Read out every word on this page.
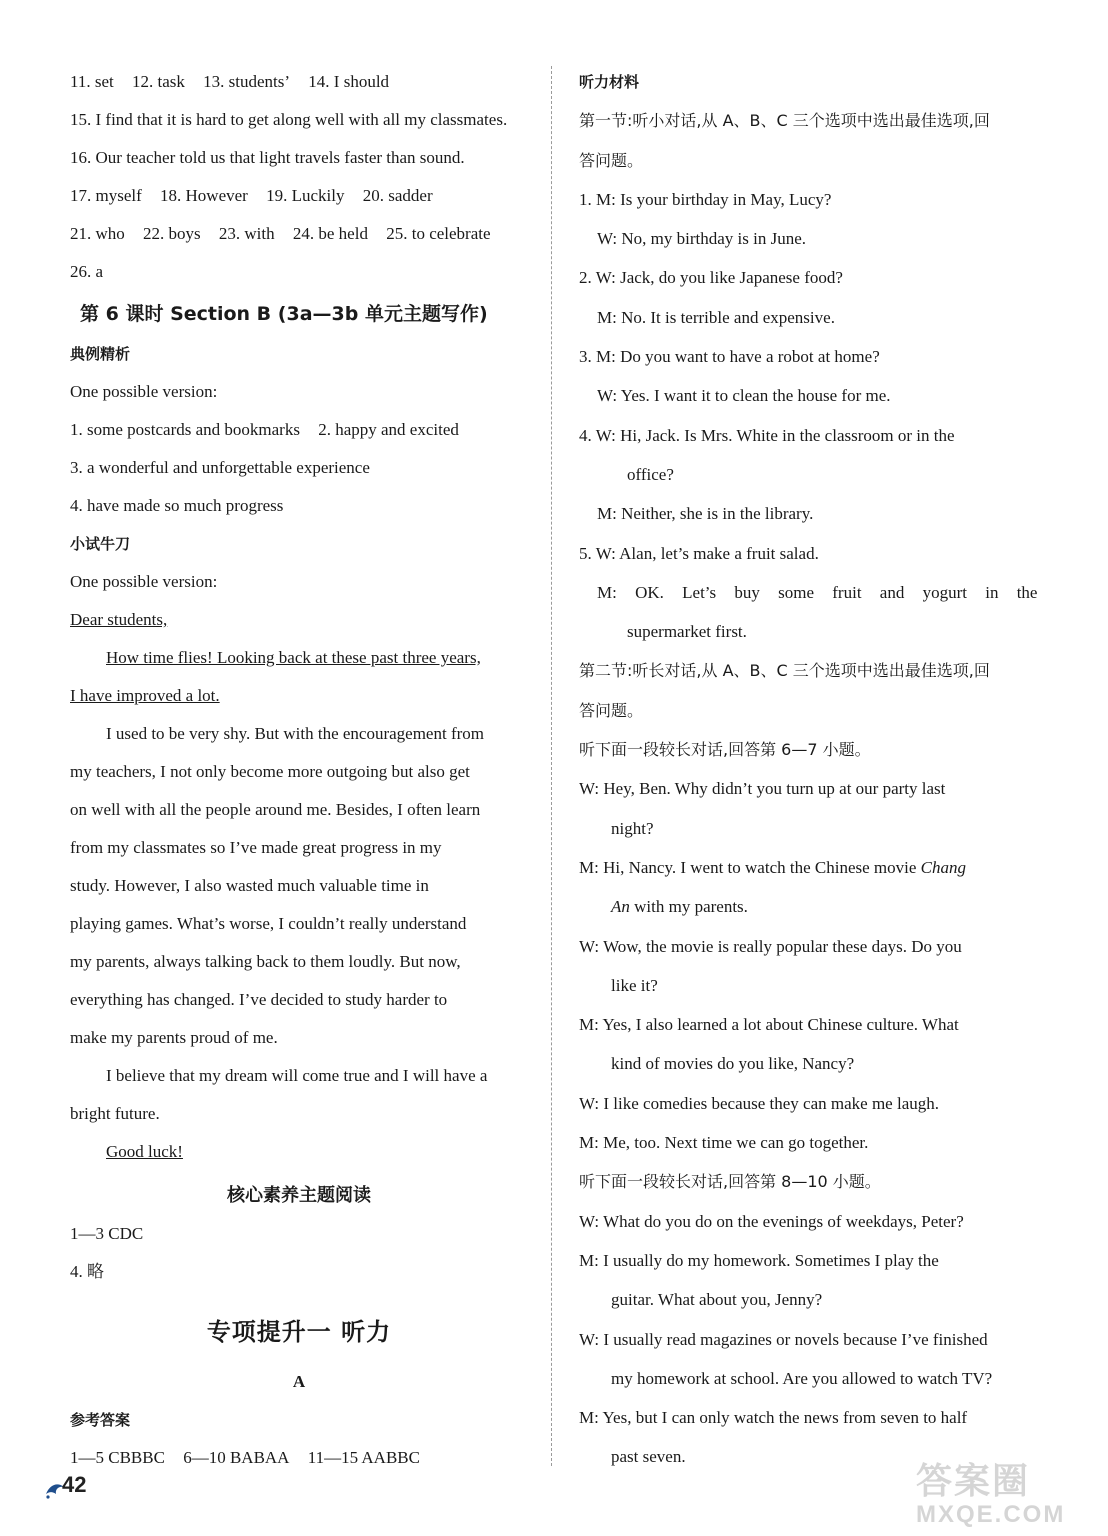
11. set 12. task 13. students’ 14. I should
15. I find that it is hard to get along well with all my classmates.
16. Our teacher told us that light travels faster than sound.
17. myself 18. However 19. Luckily 20. sadder
21. who 22. boys 23. with 24. be held 25. to celebrate
26. a
第 6 课时 Section B (3a—3b 单元主题写作)
典例精析
One possible version:
1. some postcards and bookmarks 2. happy and excited
3. a wonderful and unforgettable experience
4. have made so much progress
小试牛刀
One possible version:
Dear students,
How time flies! Looking back at these past three years,
I have improved a lot.
I used to be very shy. But with the encouragement from
my teachers, I not only become more outgoing but also get
on well with all the people around me. Besides, I often learn
from my classmates so I’ve made great progress in my
study. However, I also wasted much valuable time in
playing games. What’s worse, I couldn’t really understand
my parents, always talking back to them loudly. But now,
everything has changed. I’ve decided to study harder to
make my parents proud of me.
I believe that my dream will come true and I will have a
bright future.
Good luck!
核心素养主题阅读
1—3 CDC
4. 略
专项提升一 听力
A
参考答案
1—5 CBBBC 6—10 BABAA 11—15 AABBC
听力材料
第一节:听小对话,从 A、B、C 三个选项中选出最佳选项,回
答问题。
1. M: Is your birthday in May, Lucy?
W: No, my birthday is in June.
2. W: Jack, do you like Japanese food?
M: No. It is terrible and expensive.
3. M: Do you want to have a robot at home?
W: Yes. I want it to clean the house for me.
4. W: Hi, Jack. Is Mrs. White in the classroom or in the
office?
M: Neither, she is in the library.
5. W: Alan, let’s make a fruit salad.
M: OK. Let’s buy some fruit and yogurt in the
supermarket first.
第二节:听长对话,从 A、B、C 三个选项中选出最佳选项,回
答问题。
听下面一段较长对话,回答第 6—7 小题。
W: Hey, Ben. Why didn’t you turn up at our party last
night?
M: Hi, Nancy. I went to watch the Chinese movie Chang
An with my parents.
W: Wow, the movie is really popular these days. Do you
like it?
M: Yes, I also learned a lot about Chinese culture. What
kind of movies do you like, Nancy?
W: I like comedies because they can make me laugh.
M: Me, too. Next time we can go together.
听下面一段较长对话,回答第 8—10 小题。
W: What do you do on the evenings of weekdays, Peter?
M: I usually do my homework. Sometimes I play the
guitar. What about you, Jenny?
W: I usually read magazines or novels because I’ve finished
my homework at school. Are you allowed to watch TV?
M: Yes, but I can only watch the news from seven to half
past seven.
42	答案圈
MXQE.COM
